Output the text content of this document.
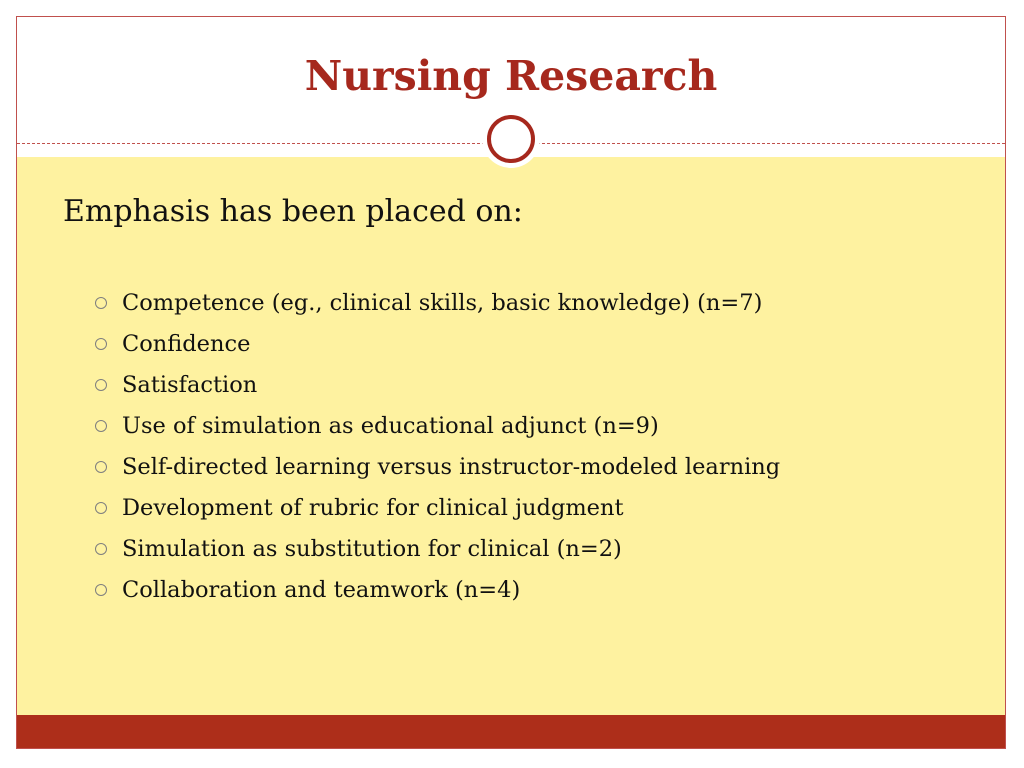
Nursing Research
Emphasis has been placed on:
Competence (eg., clinical skills, basic knowledge) (n=7)
Confidence
Satisfaction
Use of simulation as educational adjunct (n=9)
Self-directed learning versus instructor-modeled learning
Development of rubric for clinical judgment
Simulation as substitution for clinical (n=2)
Collaboration and teamwork (n=4)
